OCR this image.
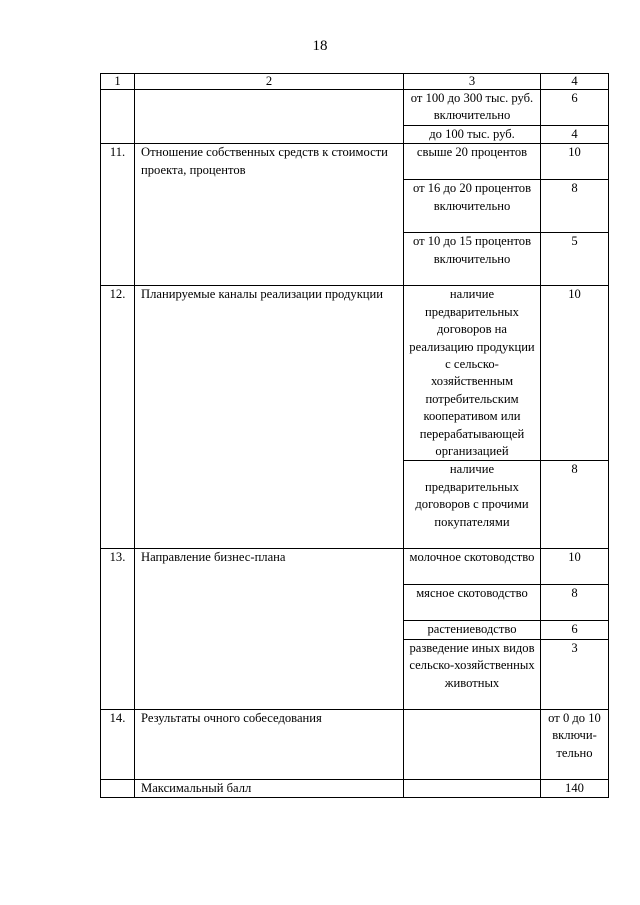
18
1	2	3	4
		от 100 до 300 тыс. руб. включительно	6
		до 100 тыс. руб.	4
11.	Отношение собственных средств к стоимости проекта, процентов	свыше 20 процентов	10
		от 16 до 20 процентов включительно	8
		от 10 до 15 процентов включительно	5
12.	Планируемые каналы реализации продукции	наличие предварительных договоров на реализацию продукции с сельско-хозяйственным потребительским кооперативом или перерабатывающей организацией	10
		наличие предварительных договоров с прочими покупателями	8
13.	Направление бизнес-плана	молочное скотоводство	10
		мясное скотоводство	8
		растениеводство	6
		разведение иных видов сельско-хозяйственных животных	3
14.	Результаты очного собеседования		от 0 до 10 включи-тельно
	Максимальный балл		140
